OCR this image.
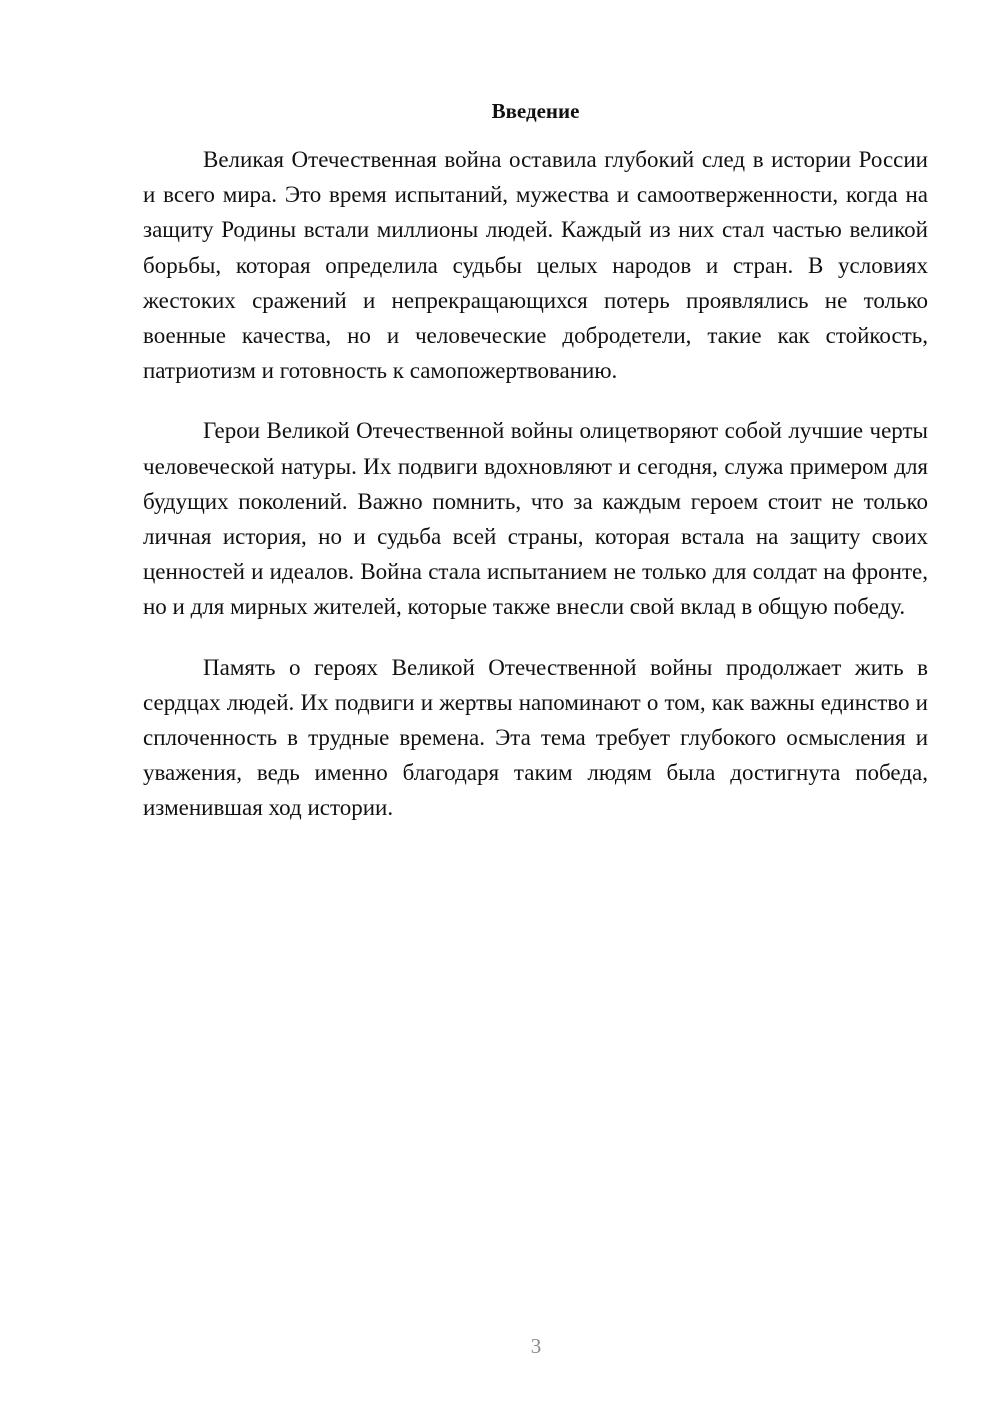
Введение

Великая Отечественная война оставила глубокий след в истории России и всего мира. Это время испытаний, мужества и самоотверженности, когда на защиту Родины встали миллионы людей. Каждый из них стал частью великой борьбы, которая определила судьбы целых народов и стран. В условиях жестоких сражений и непрекращающихся потерь проявлялись не только военные качества, но и человеческие добродетели, такие как стойкость, патриотизм и готовность к самопожертвованию.

Герои Великой Отечественной войны олицетворяют собой лучшие черты человеческой натуры. Их подвиги вдохновляют и сегодня, служа примером для будущих поколений. Важно помнить, что за каждым героем стоит не только личная история, но и судьба всей страны, которая встала на защиту своих ценностей и идеалов. Война стала испытанием не только для солдат на фронте, но и для мирных жителей, которые также внесли свой вклад в общую победу.

Память о героях Великой Отечественной войны продолжает жить в сердцах людей. Их подвиги и жертвы напоминают о том, как важны единство и сплоченность в трудные времена. Эта тема требует глубокого осмысления и уважения, ведь именно благодаря таким людям была достигнута победа, изменившая ход истории.

3
